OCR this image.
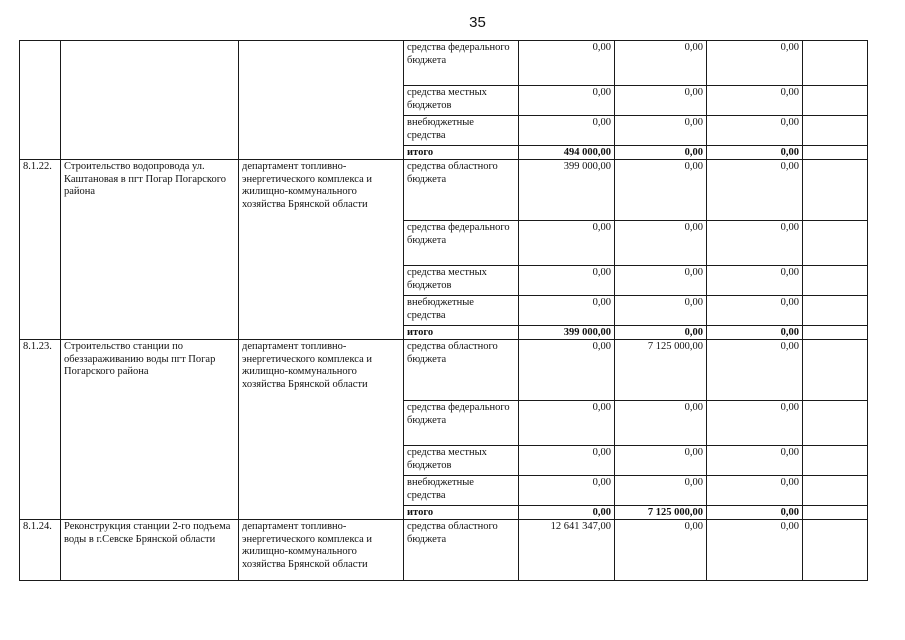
35
			средства федерального бюджета	0,00	0,00	0,00	
			средства местных бюджетов	0,00	0,00	0,00	
			внебюджетные средства	0,00	0,00	0,00	
			итого	494 000,00	0,00	0,00	
8.1.22.	Строительство водопровода ул. Каштановая в пгт Погар Погарского района	департамент топливно-энергетического комплекса и жилищно-коммунального хозяйства Брянской области	средства областного бюджета	399 000,00	0,00	0,00	
			средства федерального бюджета	0,00	0,00	0,00	
			средства местных бюджетов	0,00	0,00	0,00	
			внебюджетные средства	0,00	0,00	0,00	
			итого	399 000,00	0,00	0,00	
8.1.23.	Строительство станции по обеззараживанию воды пгт Погар Погарского района	департамент топливно-энергетического комплекса и жилищно-коммунального хозяйства Брянской области	средства областного бюджета	0,00	7 125 000,00	0,00	
			средства федерального бюджета	0,00	0,00	0,00	
			средства местных бюджетов	0,00	0,00	0,00	
			внебюджетные средства	0,00	0,00	0,00	
			итого	0,00	7 125 000,00	0,00	
8.1.24.	Реконструкция станции 2-го подъема воды в г.Севске Брянской области	департамент топливно-энергетического комплекса и жилищно-коммунального хозяйства Брянской области	средства областного бюджета	12 641 347,00	0,00	0,00	
